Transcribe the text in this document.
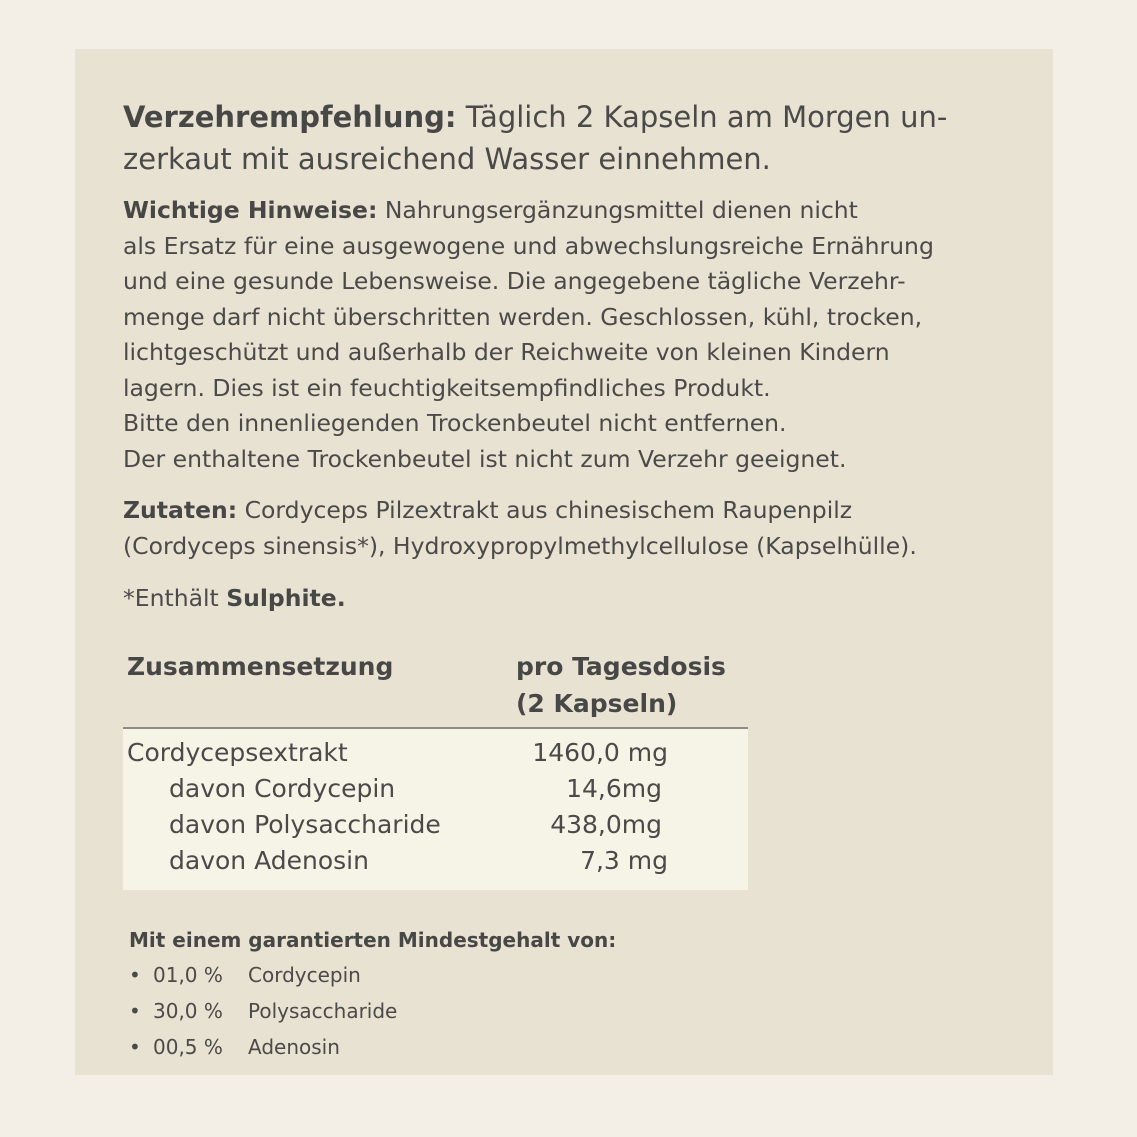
Verzehrempfehlung: Täglich 2 Kapseln am Morgen un-
zerkaut mit ausreichend Wasser einnehmen.
Wichtige Hinweise: Nahrungsergänzungsmittel dienen nicht
als Ersatz für eine ausgewogene und abwechslungsreiche Ernährung
und eine gesunde Lebensweise. Die angegebene tägliche Verzehr-
menge darf nicht überschritten werden. Geschlossen, kühl, trocken,
lichtgeschützt und außerhalb der Reichweite von kleinen Kindern
lagern. Dies ist ein feuchtigkeitsempfindliches Produkt.
Bitte den innenliegenden Trockenbeutel nicht entfernen.
Der enthaltene Trockenbeutel ist nicht zum Verzehr geeignet.
Zutaten: Cordyceps Pilzextrakt aus chinesischem Raupenpilz
(Cordyceps sinensis*), Hydroxypropylmethylcellulose (Kapselhülle).
*Enthält Sulphite.
Zusammensetzung	pro Tagesdosis
(2 Kapseln)
Cordycepsextrakt	1460,0 mg
davon Cordycepin	14,6mg
davon Polysaccharide	438,0mg
davon Adenosin	7,3 mg
Mit einem garantierten Mindestgehalt von:
• 01,0 % Cordycepin
• 30,0 % Polysaccharide
• 00,5 % Adenosin
